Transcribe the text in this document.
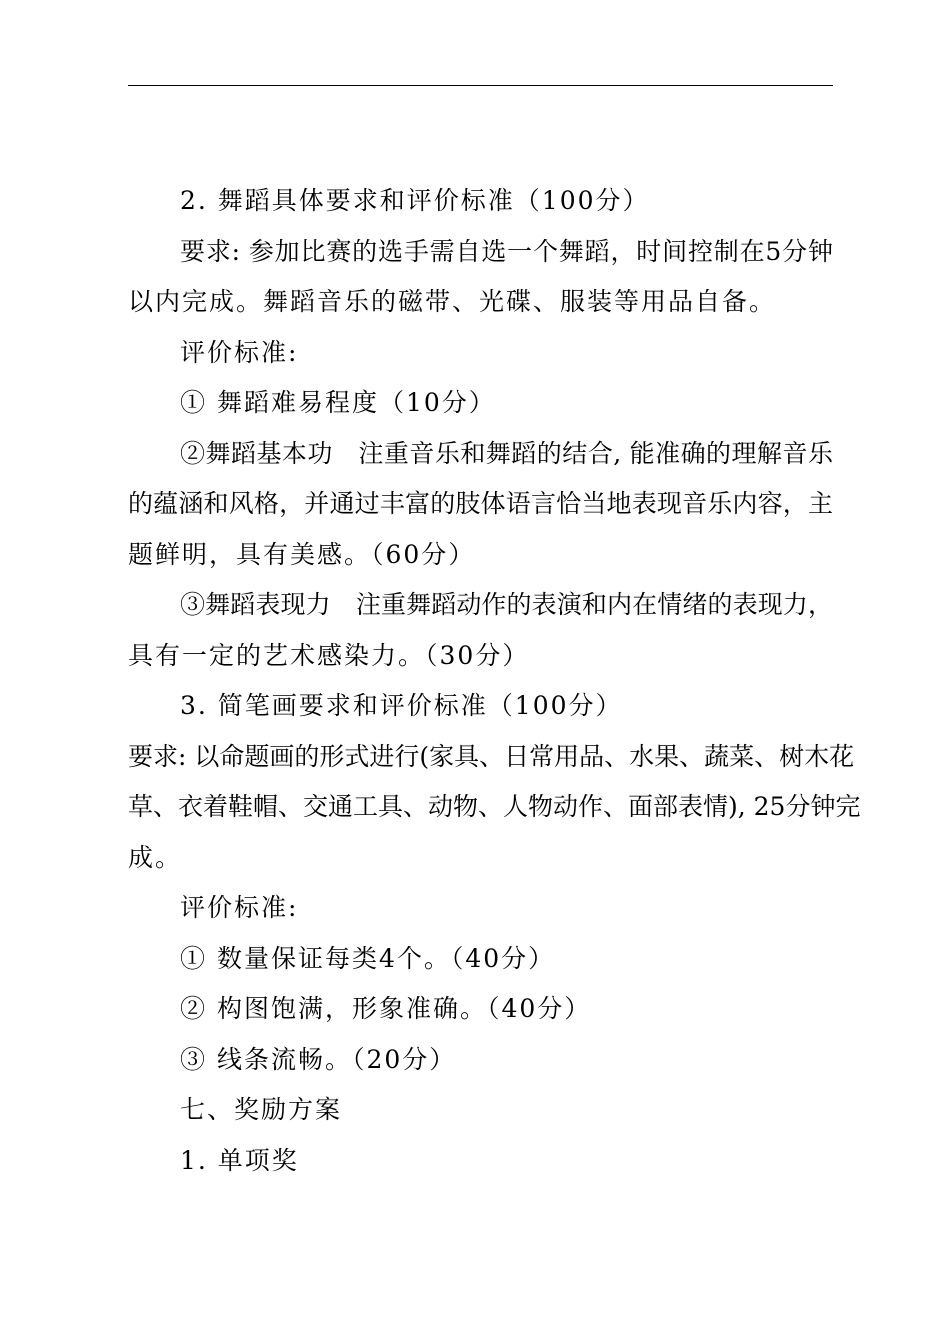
2. 舞蹈具体要求和评价标准（100分）
要求: 参加比赛的选手需自选一个舞蹈，时间控制在5分钟
以内完成。舞蹈音乐的磁带、光碟、服装等用品自备。
评价标准:
① 舞蹈难易程度（10分）
②舞蹈基本功　注重音乐和舞蹈的结合, 能准确的理解音乐
的蕴涵和风格，并通过丰富的肢体语言恰当地表现音乐内容，主
题鲜明，具有美感。（60分）
③舞蹈表现力　注重舞蹈动作的表演和内在情绪的表现力，
具有一定的艺术感染力。（30分）
3. 简笔画要求和评价标准（100分）
要求: 以命题画的形式进行(家具、日常用品、水果、蔬菜、树木花
草、衣着鞋帽、交通工具、动物、人物动作、面部表情), 25分钟完
成。
评价标准:
① 数量保证每类4个。（40分）
② 构图饱满，形象准确。（40分）
③ 线条流畅。（20分）
七、奖励方案
1. 单项奖
